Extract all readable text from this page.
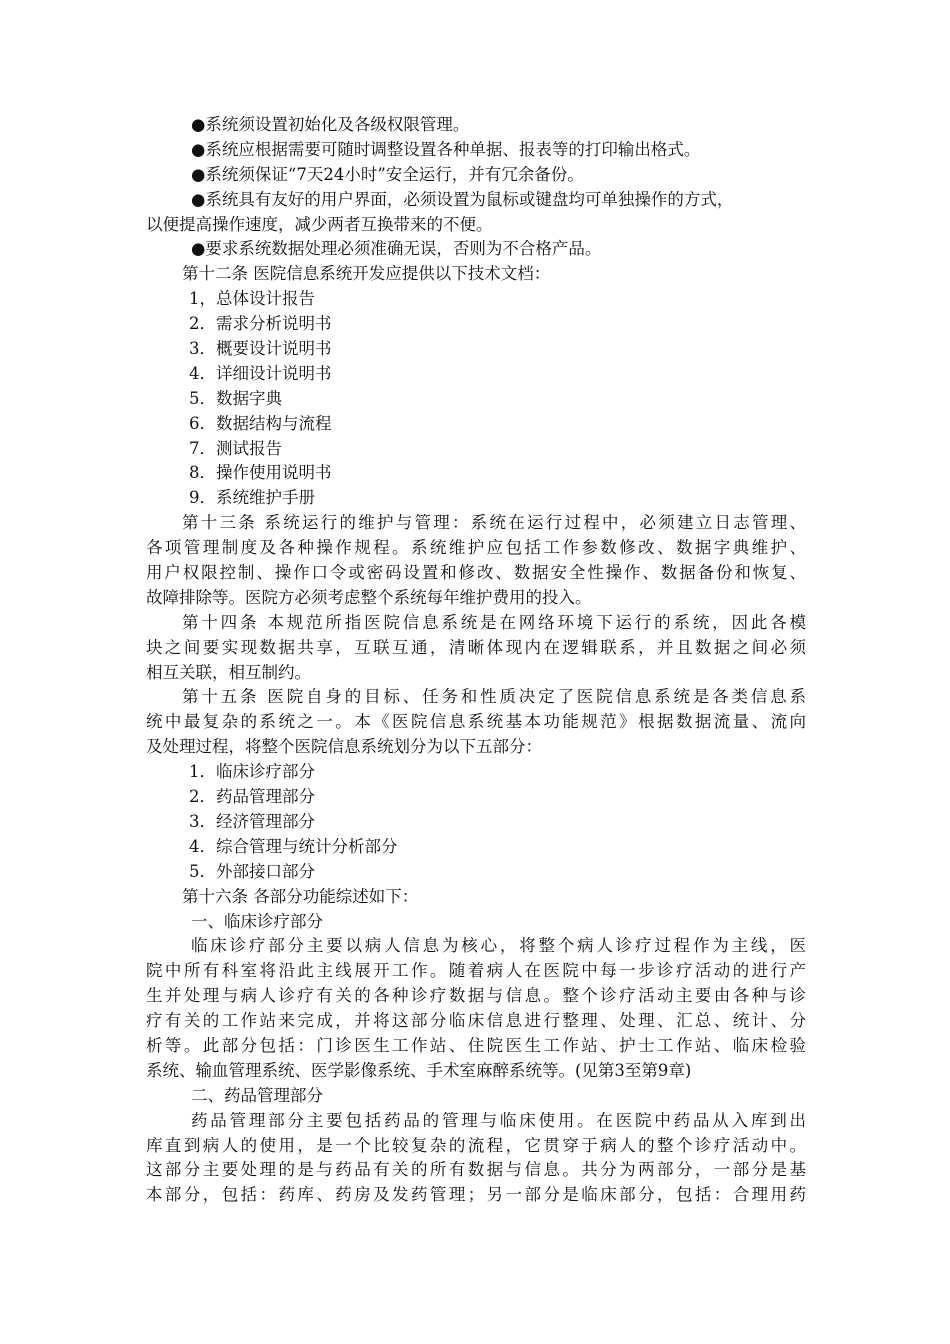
●系统须设置初始化及各级权限管理。
●系统应根据需要可随时调整设置各种单据、报表等的打印输出格式。
●系统须保证“7天24小时”安全运行，并有冗余备份。
●系统具有友好的用户界面，必须设置为鼠标或键盘均可单独操作的方式，
以便提高操作速度，减少两者互换带来的不便。
●要求系统数据处理必须准确无误，否则为不合格产品。
第十二条 医院信息系统开发应提供以下技术文档：
1，总体设计报告
2．需求分析说明书
3．概要设计说明书
4．详细设计说明书
5．数据字典
6．数据结构与流程
7．测试报告
8．操作使用说明书
9．系统维护手册
第十三条 系统运行的维护与管理：系统在运行过程中，必须建立日志管理、
各项管理制度及各种操作规程。系统维护应包括工作参数修改、数据字典维护、
用户权限控制、操作口令或密码设置和修改、数据安全性操作、数据备份和恢复、
故障排除等。医院方必须考虑整个系统每年维护费用的投入。
第十四条 本规范所指医院信息系统是在网络环境下运行的系统，因此各模
块之间要实现数据共享，互联互通，清晰体现内在逻辑联系，并且数据之间必须
相互关联，相互制约。
第十五条 医院自身的目标、任务和性质决定了医院信息系统是各类信息系
统中最复杂的系统之一。本《医院信息系统基本功能规范》根据数据流量、流向
及处理过程，将整个医院信息系统划分为以下五部分：
1．临床诊疗部分
2．药品管理部分
3．经济管理部分
4．综合管理与统计分析部分
5．外部接口部分
第十六条 各部分功能综述如下：
一、临床诊疗部分
临床诊疗部分主要以病人信息为核心，将整个病人诊疗过程作为主线，医
院中所有科室将沿此主线展开工作。随着病人在医院中每一步诊疗活动的进行产
生并处理与病人诊疗有关的各种诊疗数据与信息。整个诊疗活动主要由各种与诊
疗有关的工作站来完成，并将这部分临床信息进行整理、处理、汇总、统计、分
析等。此部分包括：门诊医生工作站、住院医生工作站、护士工作站、临床检验
系统、输血管理系统、医学影像系统、手术室麻醉系统等。(见第3至第9章)
二、药品管理部分
药品管理部分主要包括药品的管理与临床使用。在医院中药品从入库到出
库直到病人的使用，是一个比较复杂的流程，它贯穿于病人的整个诊疗活动中。
这部分主要处理的是与药品有关的所有数据与信息。共分为两部分，一部分是基
本部分，包括：药库、药房及发药管理；另一部分是临床部分，包括：合理用药
